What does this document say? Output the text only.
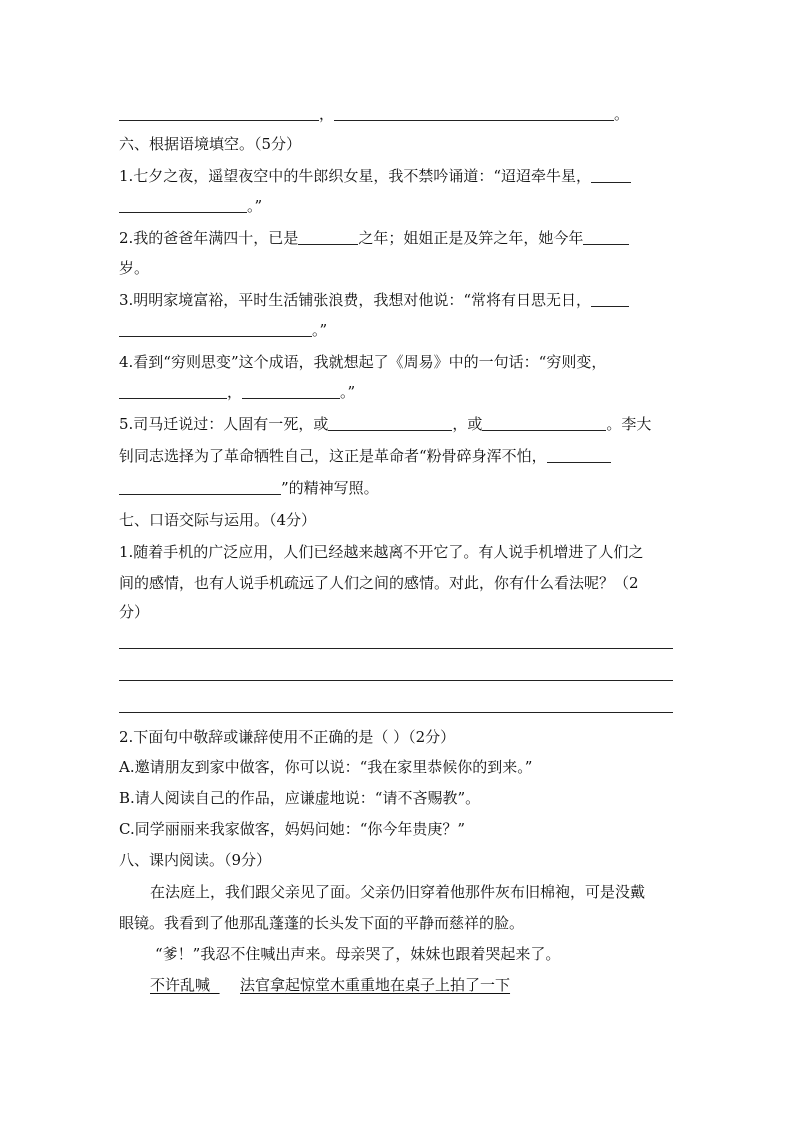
，	。
六、根据语境填空。（5分）
1.七夕之夜，遥望夜空中的牛郎织女星，我不禁吟诵道：“迢迢牵牛星，
。”
2.我的爸爸年满四十，已是	之年；姐姐正是及笄之年，她今年
岁。
3.明明家境富裕，平时生活铺张浪费，我想对他说：“常将有日思无日，
。”
4.看到“穷则思变”这个成语，我就想起了《周易》中的一句话：“穷则变，
，	。”
5.司马迁说过：人固有一死，或	，或	。李大
钊同志选择为了革命牺牲自己，这正是革命者“粉骨碎身浑不怕，
”的精神写照。
七、口语交际与运用。（4分）
1.随着手机的广泛应用，人们已经越来越离不开它了。有人说手机增进了人们之
间的感情，也有人说手机疏远了人们之间的感情。对此，你有什么看法呢？（2
分）
2.下面句中敬辞或谦辞使用不正确的是（ ）（2分）
A.邀请朋友到家中做客，你可以说：“我在家里恭候你的到来。”
B.请人阅读自己的作品，应谦虚地说：“请不吝赐教”。
C.同学丽丽来我家做客，妈妈问她：“你今年贵庚？”
八、课内阅读。（9分）
在法庭上，我们跟父亲见了面。父亲仍旧穿着他那件灰布旧棉袍，可是没戴
眼镜。我看到了他那乱蓬蓬的长头发下面的平静而慈祥的脸。
“爹！”我忍不住喊出声来。母亲哭了，妹妹也跟着哭起来了。
不许乱喊 法官拿起惊堂木重重地在桌子上拍了一下
